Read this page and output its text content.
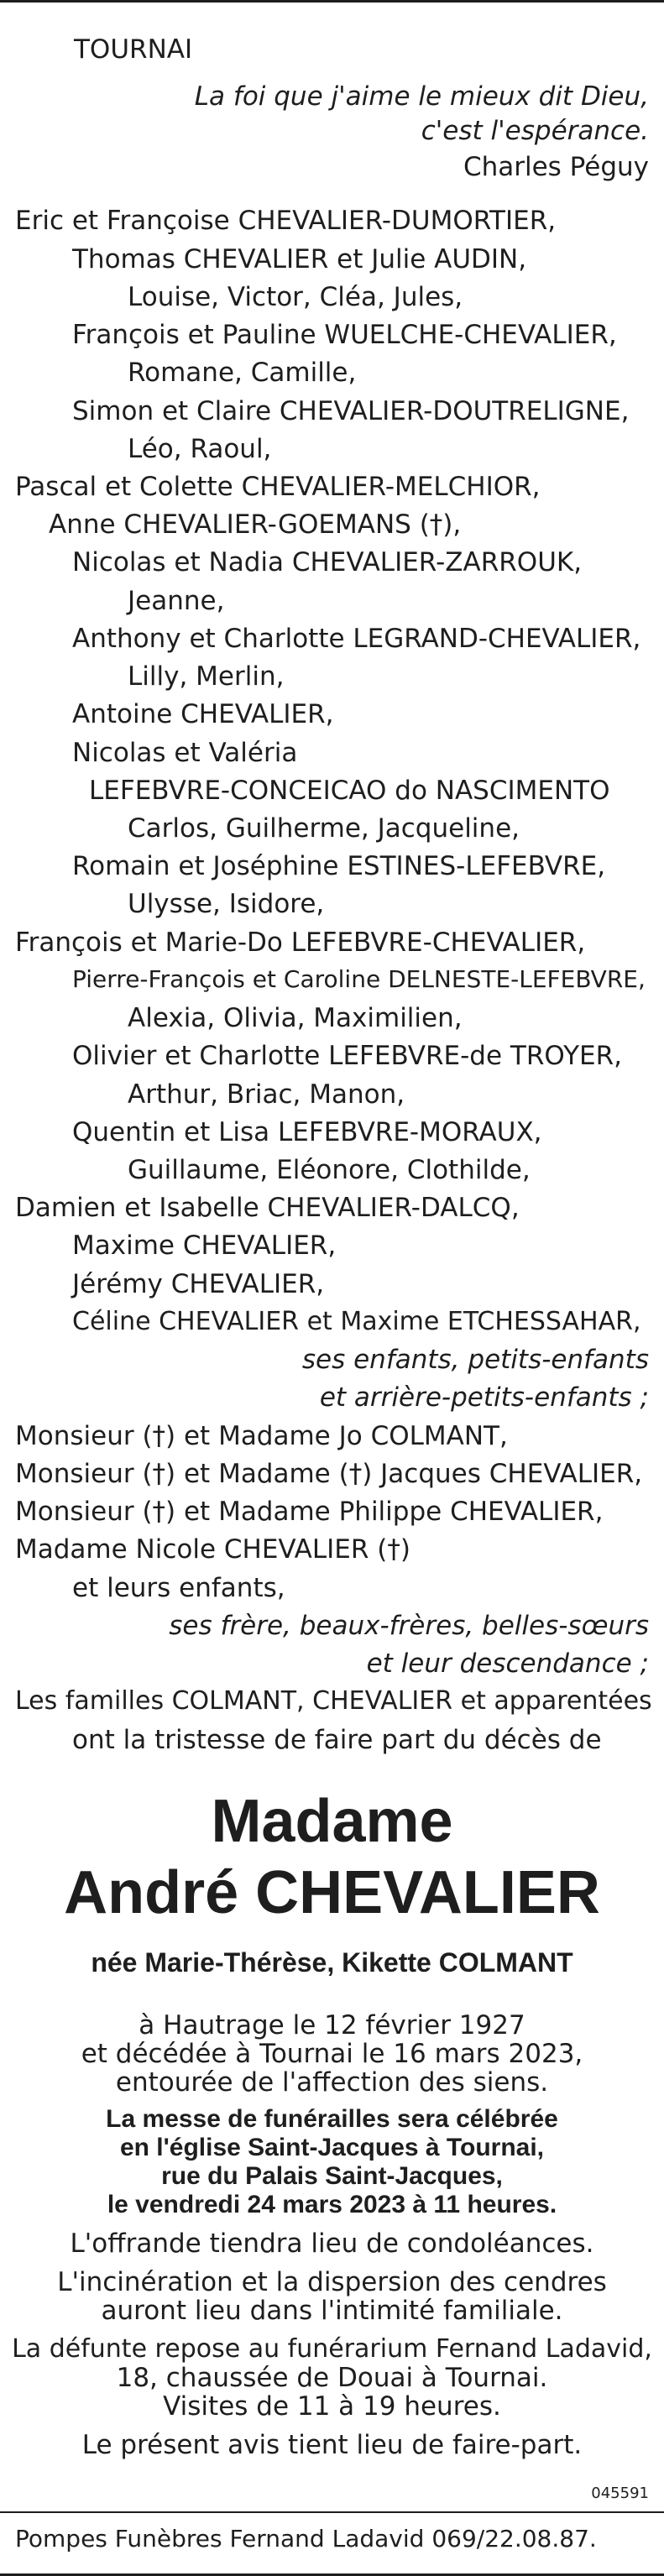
TOURNAI
La foi que j'aime le mieux dit Dieu,
c'est l'espérance.
Charles Péguy
Eric et Françoise CHEVALIER-DUMORTIER,
Thomas CHEVALIER et Julie AUDIN,
Louise, Victor, Cléa, Jules,
François et Pauline WUELCHE-CHEVALIER,
Romane, Camille,
Simon et Claire CHEVALIER-DOUTRELIGNE,
Léo, Raoul,
Pascal et Colette CHEVALIER-MELCHIOR,
Anne CHEVALIER-GOEMANS (†),
Nicolas et Nadia CHEVALIER-ZARROUK,
Jeanne,
Anthony et Charlotte LEGRAND-CHEVALIER,
Lilly, Merlin,
Antoine CHEVALIER,
Nicolas et Valéria
LEFEBVRE-CONCEICAO do NASCIMENTO
Carlos, Guilherme, Jacqueline,
Romain et Joséphine ESTINES-LEFEBVRE,
Ulysse, Isidore,
François et Marie-Do LEFEBVRE-CHEVALIER,
Pierre-François et Caroline DELNESTE-LEFEBVRE,
Alexia, Olivia, Maximilien,
Olivier et Charlotte LEFEBVRE-de TROYER,
Arthur, Briac, Manon,
Quentin et Lisa LEFEBVRE-MORAUX,
Guillaume, Eléonore, Clothilde,
Damien et Isabelle CHEVALIER-DALCQ,
Maxime CHEVALIER,
Jérémy CHEVALIER,
Céline CHEVALIER et Maxime ETCHESSAHAR,
ses enfants, petits-enfants
et arrière-petits-enfants ;
Monsieur (†) et Madame Jo COLMANT,
Monsieur (†) et Madame (†) Jacques CHEVALIER,
Monsieur (†) et Madame Philippe CHEVALIER,
Madame Nicole CHEVALIER (†)
et leurs enfants,
ses frère, beaux-frères, belles-sœurs
et leur descendance ;
Les familles COLMANT, CHEVALIER et apparentées
ont la tristesse de faire part du décès de
Madame
André CHEVALIER
née Marie-Thérèse, Kikette COLMANT
à Hautrage le 12 février 1927
et décédée à Tournai le 16 mars 2023,
entourée de l'affection des siens.
La messe de funérailles sera célébrée
en l'église Saint-Jacques à Tournai,
rue du Palais Saint-Jacques,
le vendredi 24 mars 2023 à 11 heures.
L'offrande tiendra lieu de condoléances.
L'incinération et la dispersion des cendres
auront lieu dans l'intimité familiale.
La défunte repose au funérarium Fernand Ladavid,
18, chaussée de Douai à Tournai.
Visites de 11 à 19 heures.
Le présent avis tient lieu de faire-part.
045591
Pompes Funèbres Fernand Ladavid 069/22.08.87.
